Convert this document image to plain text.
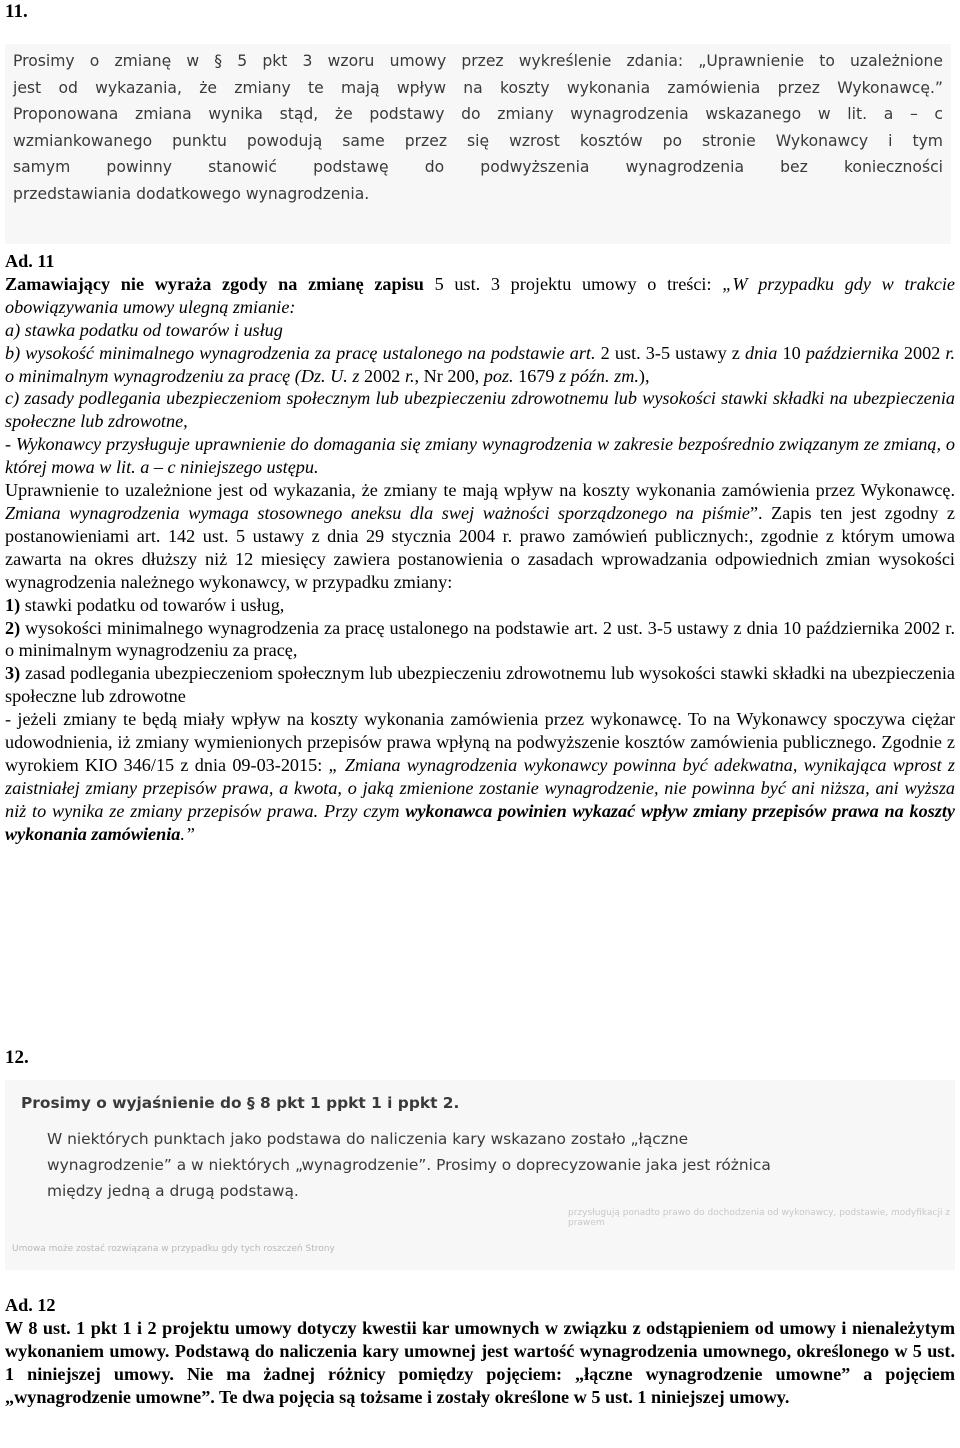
11.

Prosimy o zmianę w § 5 pkt 3 wzoru umowy przez wykreślenie zdania: „Uprawnienie to uzależnione

jest od wykazania, że zmiany te mają wpływ na koszty wykonania zamówienia przez Wykonawcę.”

Proponowana zmiana wynika stąd, że podstawy do zmiany wynagrodzenia wskazanego w lit. a – c

wzmiankowanego punktu powodują same przez się wzrost kosztów po stronie Wykonawcy i tym

samym powinny stanowić podstawę do podwyższenia wynagrodzenia bez konieczności

przedstawiania dodatkowego wynagrodzenia.

Ad. 11

Zamawiający nie wyraża zgody na zmianę zapisu 5 ust. 3 projektu umowy o treści: „W przypadku gdy w trakcie obowiązywania umowy ulegną zmianie:

a) stawka podatku od towarów i usług

b) wysokość minimalnego wynagrodzenia za pracę ustalonego na podstawie art. 2 ust. 3-5 ustawy z dnia 10 października 2002 r. o minimalnym wynagrodzeniu za pracę (Dz. U. z 2002 r., Nr 200, poz. 1679 z późn. zm.),

c) zasady podlegania ubezpieczeniom społecznym lub ubezpieczeniu zdrowotnemu lub wysokości stawki składki na ubezpieczenia społeczne lub zdrowotne,

- Wykonawcy przysługuje uprawnienie do domagania się zmiany wynagrodzenia w zakresie bezpośrednio związanym ze zmianą, o której mowa w lit. a – c niniejszego ustępu.

Uprawnienie to uzależnione jest od wykazania, że zmiany te mają wpływ na koszty wykonania zamówienia przez Wykonawcę. Zmiana wynagrodzenia wymaga stosownego aneksu dla swej ważności sporządzonego na piśmie”. Zapis ten jest zgodny z postanowieniami art. 142 ust. 5 ustawy z dnia 29 stycznia 2004 r. prawo zamówień publicznych:, zgodnie z którym umowa zawarta na okres dłuższy niż 12 miesięcy zawiera postanowienia o zasadach wprowadzania odpowiednich zmian wysokości wynagrodzenia należnego wykonawcy, w przypadku zmiany:

1) stawki podatku od towarów i usług,

2) wysokości minimalnego wynagrodzenia za pracę ustalonego na podstawie art. 2 ust. 3-5 ustawy z dnia 10 października 2002 r. o minimalnym wynagrodzeniu za pracę,

3) zasad podlegania ubezpieczeniom społecznym lub ubezpieczeniu zdrowotnemu lub wysokości stawki składki na ubezpieczenia społeczne lub zdrowotne

- jeżeli zmiany te będą miały wpływ na koszty wykonania zamówienia przez wykonawcę. To na Wykonawcy spoczywa ciężar udowodnienia, iż zmiany wymienionych przepisów prawa wpłyną na podwyższenie kosztów zamówienia publicznego. Zgodnie z wyrokiem KIO 346/15 z dnia 09-03-2015: „ Zmiana wynagrodzenia wykonawcy powinna być adekwatna, wynikająca wprost z zaistniałej zmiany przepisów prawa, a kwota, o jaką zmienione zostanie wynagrodzenie, nie powinna być ani niższa, ani wyższa niż to wynika ze zmiany przepisów prawa. Przy czym wykonawca powinien wykazać wpływ zmiany przepisów prawa na koszty wykonania zamówienia.”

12.
Prosimy o wyjaśnienie do § 8 pkt 1 ppkt 1 i ppkt 2.

W niektórych punktach jako podstawa do naliczenia kary wskazano zostało „łączne

wynagrodzenie” a w niektórych „wynagrodzenie”. Prosimy o doprecyzowanie jaka jest różnica

między jedną a drugą podstawą.

przysługują ponadto prawo do dochodzenia od wykonawcy, podstawie, modyfikacji z prawem
Umowa może zostać rozwiązana w przypadku gdy tych roszczeń Strony

Ad. 12

W 8 ust. 1 pkt 1 i 2 projektu umowy dotyczy kwestii kar umownych w związku z odstąpieniem od umowy i nienależytym wykonaniem umowy. Podstawą do naliczenia kary umownej jest wartość wynagrodzenia umownego, określonego w 5 ust. 1 niniejszej umowy. Nie ma żadnej różnicy pomiędzy pojęciem: „łączne wynagrodzenie umowne” a pojęciem „wynagrodzenie umowne”. Te dwa pojęcia są tożsame i zostały określone w 5 ust. 1 niniejszej umowy.
